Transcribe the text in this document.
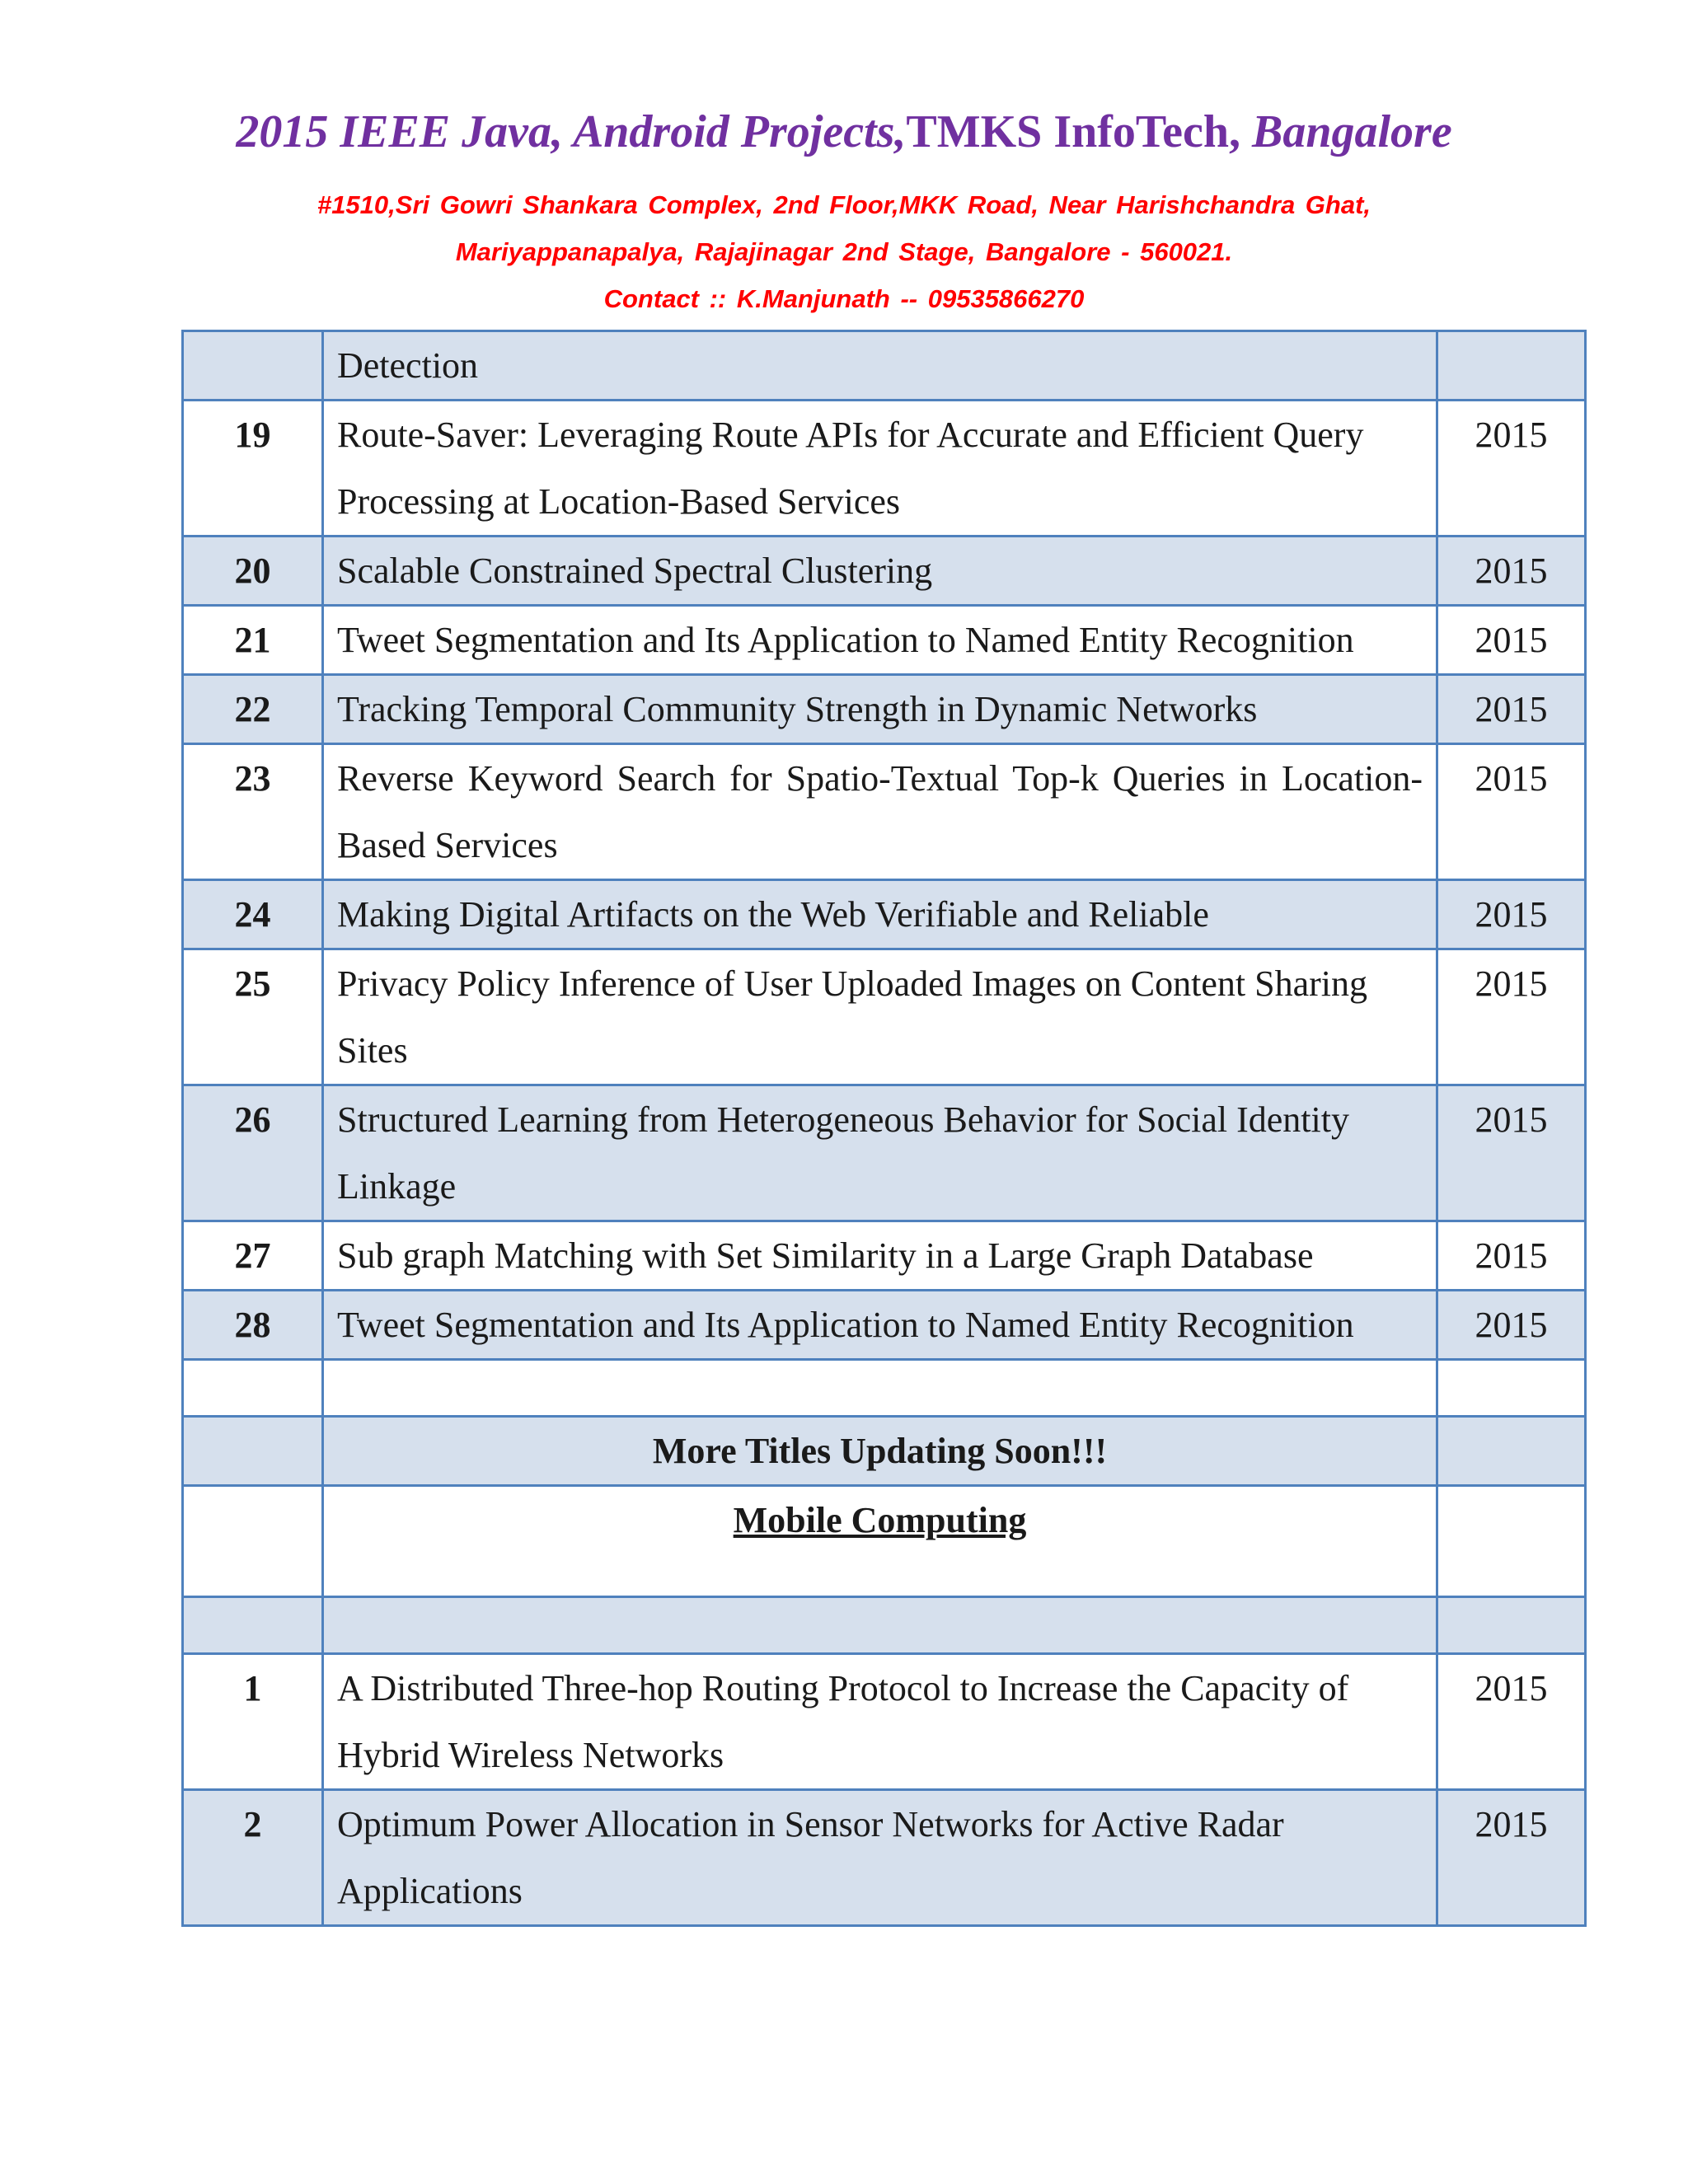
2015 IEEE Java, Android Projects,TMKS InfoTech, Bangalore
#1510,Sri Gowri Shankara Complex, 2nd Floor,MKK Road, Near Harishchandra Ghat,
Mariyappanapalya, Rajajinagar 2nd Stage, Bangalore - 560021.
Contact :: K.Manjunath -- 09535866270
	Detection	
19	Route-Saver: Leveraging Route APIs for Accurate and Efficient Query Processing at Location-Based Services	2015
20	Scalable Constrained Spectral Clustering	2015
21	Tweet Segmentation and Its Application to Named Entity Recognition	2015
22	Tracking Temporal Community Strength in Dynamic Networks	2015
23	Reverse Keyword Search for Spatio-Textual Top-k Queries in Location-Based Services	2015
24	Making Digital Artifacts on the Web Verifiable and Reliable	2015
25	Privacy Policy Inference of User Uploaded Images on Content Sharing Sites	2015
26	Structured Learning from Heterogeneous Behavior for Social Identity Linkage	2015
27	Sub graph Matching with Set Similarity in a Large Graph Database	2015
28	Tweet Segmentation and Its Application to Named Entity Recognition	2015

	More Titles Updating Soon!!!	
	Mobile Computing	

1	A Distributed Three-hop Routing Protocol to Increase the Capacity of Hybrid Wireless Networks	2015
2	Optimum Power Allocation in Sensor Networks for Active Radar Applications	2015
